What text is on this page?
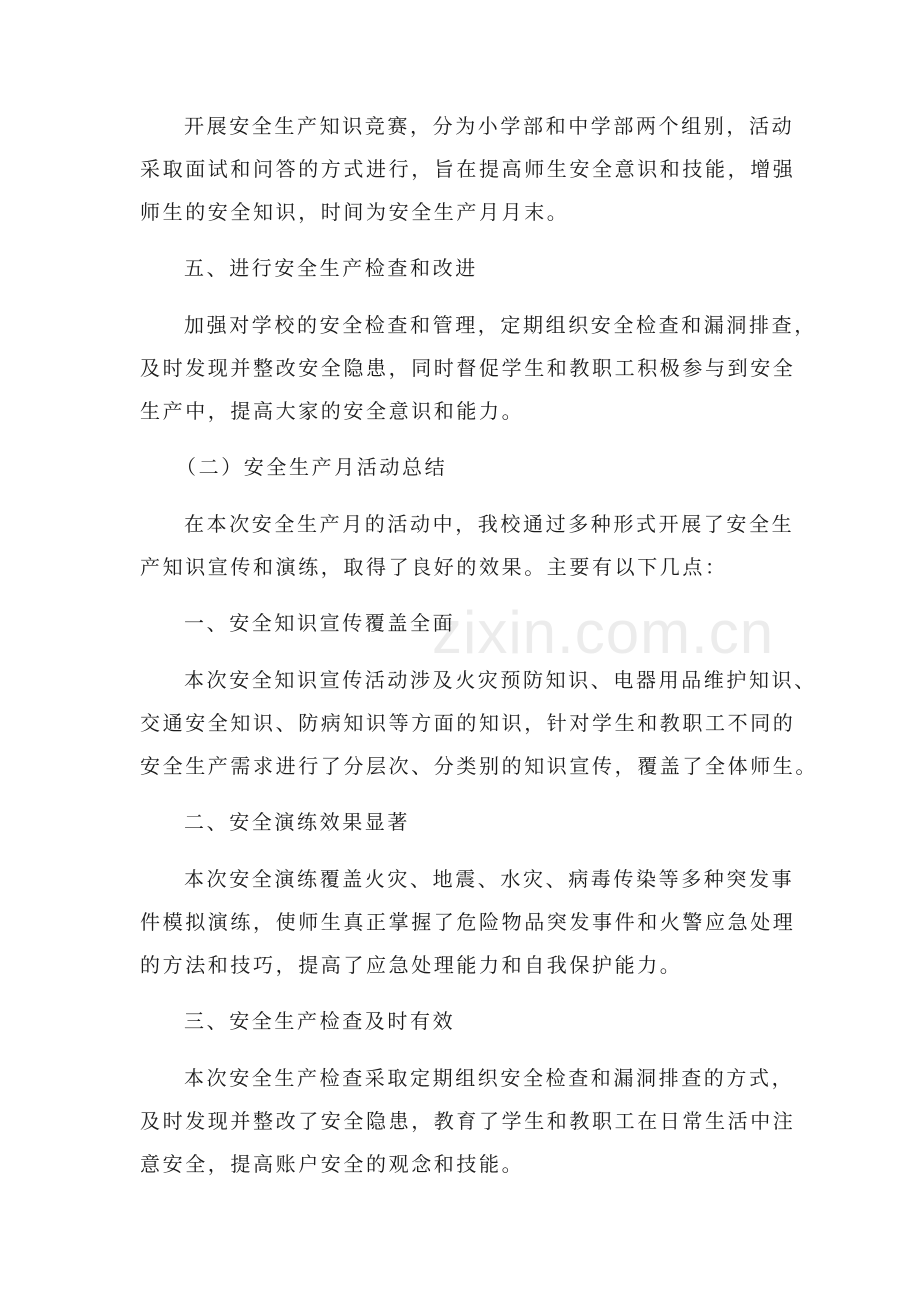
zixin.com.cn
开展安全生产知识竞赛，分为小学部和中学部两个组别，活动
采取面试和问答的方式进行，旨在提高师生安全意识和技能，增强
师生的安全知识，时间为安全生产月月末。
五、进行安全生产检查和改进
加强对学校的安全检查和管理，定期组织安全检查和漏洞排查，
及时发现并整改安全隐患，同时督促学生和教职工积极参与到安全
生产中，提高大家的安全意识和能力。
（二）安全生产月活动总结
在本次安全生产月的活动中，我校通过多种形式开展了安全生
产知识宣传和演练，取得了良好的效果。主要有以下几点：
一、安全知识宣传覆盖全面
本次安全知识宣传活动涉及火灾预防知识、电器用品维护知识、
交通安全知识、防病知识等方面的知识，针对学生和教职工不同的
安全生产需求进行了分层次、分类别的知识宣传，覆盖了全体师生。
二、安全演练效果显著
本次安全演练覆盖火灾、地震、水灾、病毒传染等多种突发事
件模拟演练，使师生真正掌握了危险物品突发事件和火警应急处理
的方法和技巧，提高了应急处理能力和自我保护能力。
三、安全生产检查及时有效
本次安全生产检查采取定期组织安全检查和漏洞排查的方式，
及时发现并整改了安全隐患，教育了学生和教职工在日常生活中注
意安全，提高账户安全的观念和技能。
